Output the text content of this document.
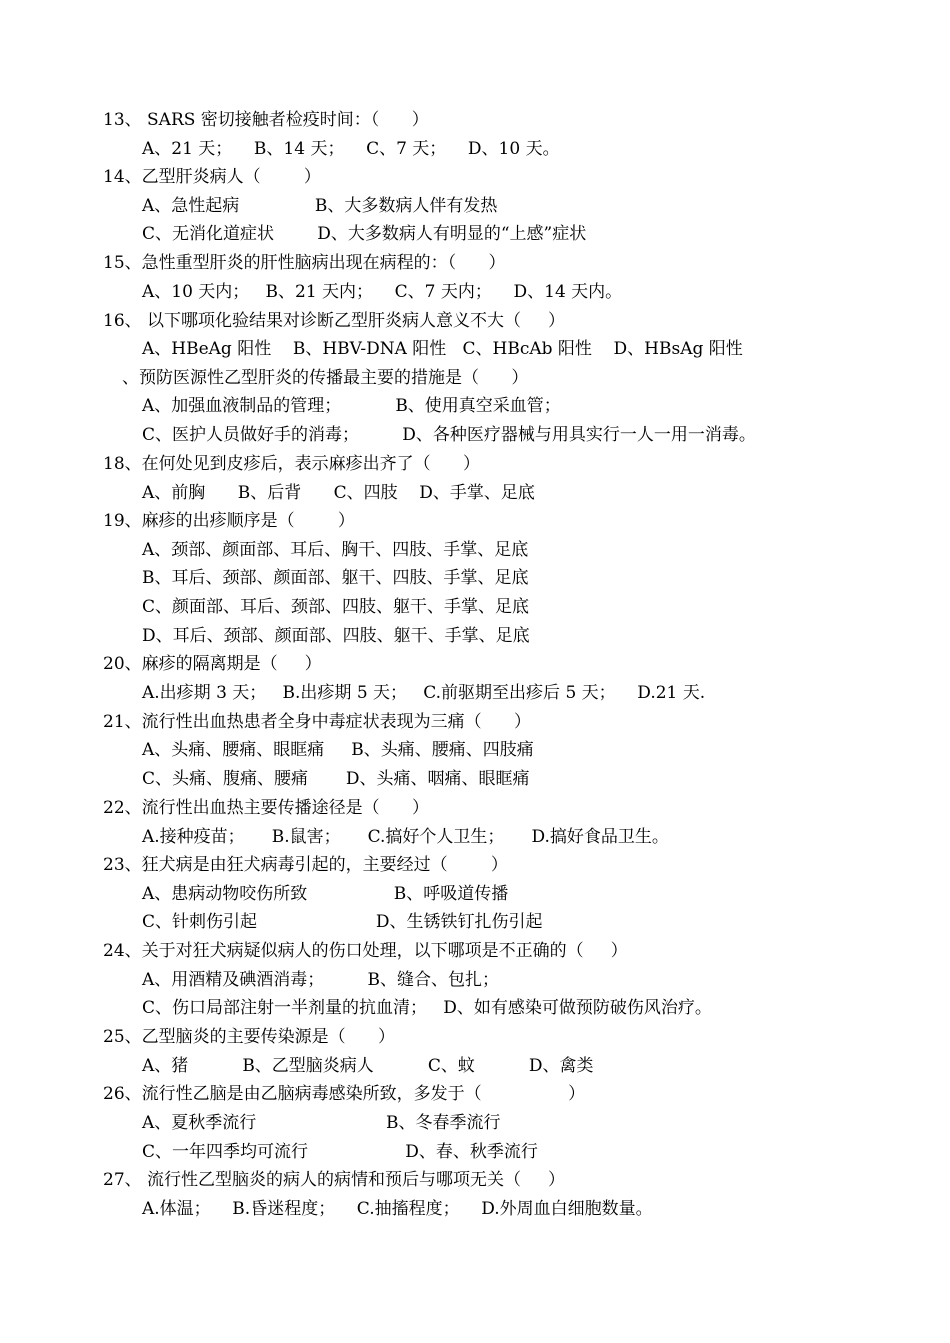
13、 SARS 密切接触者检疫时间：（      ）
A、21 天；    B、14 天；    C、7 天；    D、10 天。
14、乙型肝炎病人（        ）
A、急性起病              B、大多数病人伴有发热
C、无消化道症状        D、大多数病人有明显的“上感”症状
15、急性重型肝炎的肝性脑病出现在病程的：（      ）
A、10 天内；   B、21 天内；    C、7 天内；    D、14 天内。
16、 以下哪项化验结果对诊断乙型肝炎病人意义不大（     ）
A、HBeAg 阳性    B、HBV-DNA 阳性   C、HBcAb 阳性    D、HBsAg 阳性
、预防医源性乙型肝炎的传播最主要的措施是（      ）
A、加强血液制品的管理；          B、使用真空采血管；
C、医护人员做好手的消毒；        D、各种医疗器械与用具实行一人一用一消毒。
18、在何处见到皮疹后，表示麻疹出齐了（      ）
A、前胸      B、后背      C、四肢    D、手掌、足底
19、麻疹的出疹顺序是（        ）
A、颈部、颜面部、耳后、胸干、四肢、手掌、足底
B、耳后、颈部、颜面部、躯干、四肢、手掌、足底
C、颜面部、耳后、颈部、四肢、躯干、手掌、足底
D、耳后、颈部、颜面部、四肢、躯干、手掌、足底
20、麻疹的隔离期是（     ）
A.出疹期 3 天；   B.出疹期 5 天；   C.前驱期至出疹后 5 天；    D.21 天.
21、流行性出血热患者全身中毒症状表现为三痛（      ）
A、头痛、腰痛、眼眶痛     B、头痛、腰痛、四肢痛
C、头痛、腹痛、腰痛       D、头痛、咽痛、眼眶痛
22、流行性出血热主要传播途径是（      ）
A.接种疫苗；     B.鼠害；     C.搞好个人卫生；     D.搞好食品卫生。
23、狂犬病是由狂犬病毒引起的，主要经过（        ）
A、患病动物咬伤所致                B、呼吸道传播
C、针刺伤引起                      D、生锈铁钉扎伤引起
24、关于对狂犬病疑似病人的伤口处理，以下哪项是不正确的（     ）
A、用酒精及碘酒消毒；        B、缝合、包扎；
C、伤口局部注射一半剂量的抗血清；   D、如有感染可做预防破伤风治疗。
25、乙型脑炎的主要传染源是（      ）
A、猪          B、乙型脑炎病人          C、蚊          D、禽类
26、流行性乙脑是由乙脑病毒感染所致，多发于（                ）
A、夏秋季流行                        B、冬春季流行
C、一年四季均可流行                  D、春、秋季流行
27、 流行性乙型脑炎的病人的病情和预后与哪项无关（     ）
A.体温；    B.昏迷程度；    C.抽搐程度；    D.外周血白细胞数量。
